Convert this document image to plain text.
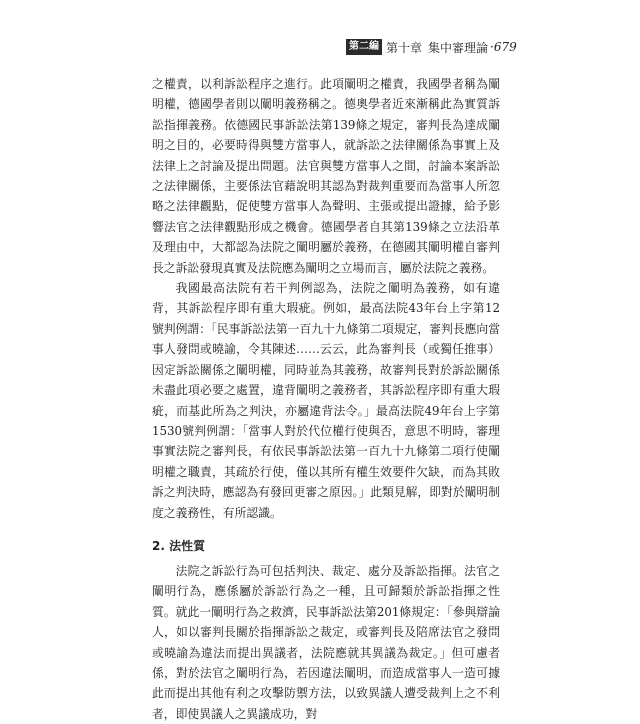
第二編 第十章 集中審理論 · 679

之權責，以利訴訟程序之進行。此項闡明之權責，我國學者稱為闡明權，德國學者則以闡明義務稱之。德奧學者近來漸稱此為實質訴訟指揮義務。依德國民事訴訟法第139條之規定，審判長為達成闡明之目的，必要時得與雙方當事人，就訴訟之法律關係為事實上及法律上之討論及提出問題。法官與雙方當事人之間，討論本案訴訟之法律關係，主要係法官藉說明其認為對裁判重要而為當事人所忽略之法律觀點，促使雙方當事人為聲明、主張或提出證據，給予影響法官之法律觀點形成之機會。德國學者自其第139條之立法沿革及理由中，大都認為法院之闡明屬於義務，在德國其闡明權自審判長之訴訟發現真實及法院應為闡明之立場而言，屬於法院之義務。

我國最高法院有若干判例認為，法院之闡明為義務，如有違背，其訴訟程序即有重大瑕疵。例如，最高法院43年台上字第12號判例謂：「民事訴訟法第一百九十九條第二項規定，審判長應向當事人發問或曉諭，令其陳述……云云，此為審判長（或獨任推事）因定訴訟關係之闡明權，同時並為其義務，故審判長對於訴訟關係未盡此項必要之處置，違背闡明之義務者，其訴訟程序即有重大瑕疵，而基此所為之判決，亦屬違背法令。」最高法院49年台上字第1530號判例謂：「當事人對於代位權行使與否，意思不明時，審理事實法院之審判長，有依民事訴訟法第一百九十九條第二項行使闡明權之職責，其疏於行使，僅以其所有權生效要件欠缺，而為其敗訴之判決時，應認為有發回更審之原因。」此類見解，即對於闡明制度之義務性，有所認識。

2. 法性質

法院之訴訟行為可包括判決、裁定、處分及訴訟指揮。法官之闡明行為，應係屬於訴訟行為之一種，且可歸類於訴訟指揮之性質。就此一闡明行為之救濟，民事訴訟法第201條規定：「參與辯論人，如以審判長關於指揮訴訟之裁定，或審判長及陪席法官之發問或曉諭為違法而提出異議者，法院應就其異議為裁定。」但可慮者係，對於法官之闡明行為，若因違法闡明，而造成當事人一造可據此而提出其他有利之攻擊防禦方法，以致異議人遭受裁判上之不利者，即使異議人之異議成功，對
